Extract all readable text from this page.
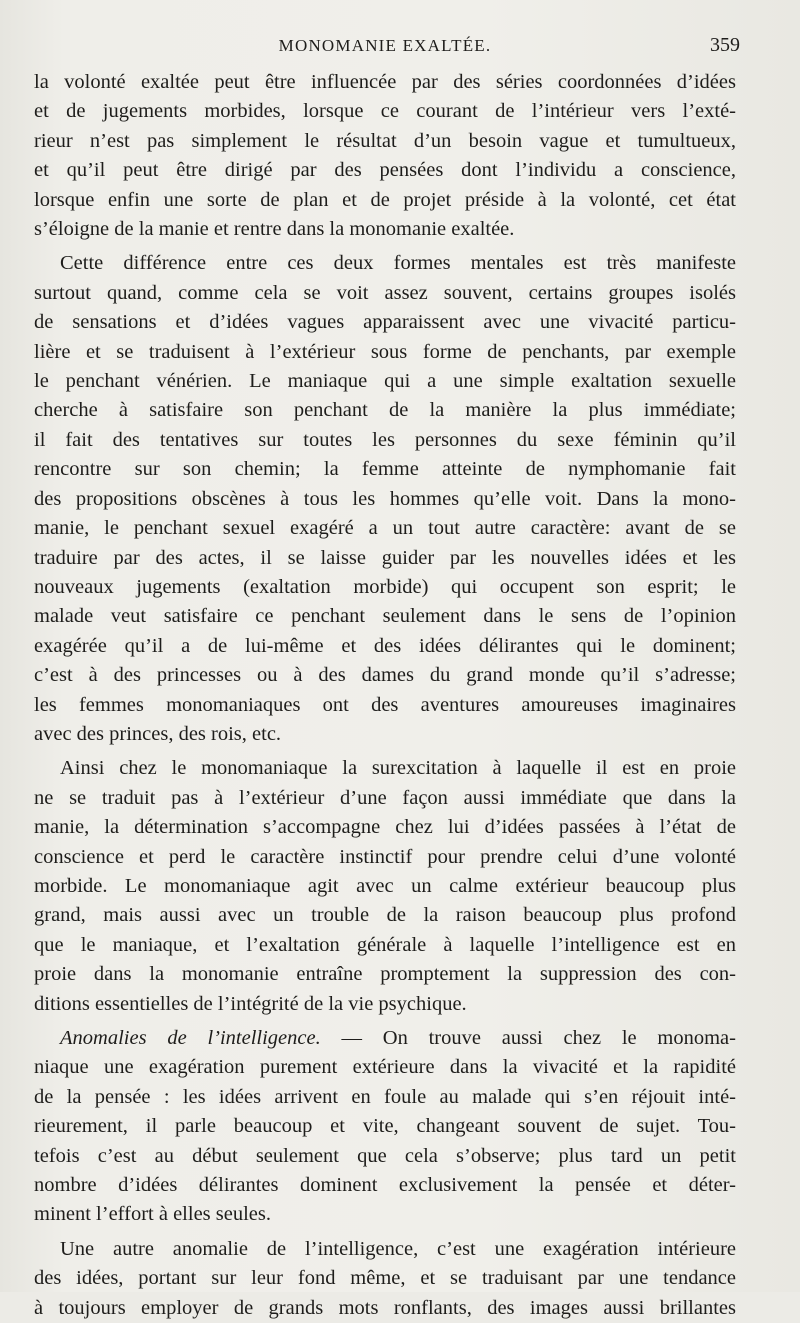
MONOMANIE EXALTÉE.	359
la volonté exaltée peut être influencée par des séries coordonnées d’idées
et de jugements morbides, lorsque ce courant de l’intérieur vers l’exté-
rieur n’est pas simplement le résultat d’un besoin vague et tumultueux,
et qu’il peut être dirigé par des pensées dont l’individu a conscience,
lorsque enfin une sorte de plan et de projet préside à la volonté, cet état
s’éloigne de la manie et rentre dans la monomanie exaltée.
Cette différence entre ces deux formes mentales est très manifeste
surtout quand, comme cela se voit assez souvent, certains groupes isolés
de sensations et d’idées vagues apparaissent avec une vivacité particu-
lière et se traduisent à l’extérieur sous forme de penchants, par exemple
le penchant vénérien. Le maniaque qui a une simple exaltation sexuelle
cherche à satisfaire son penchant de la manière la plus immédiate;
il fait des tentatives sur toutes les personnes du sexe féminin qu’il
rencontre sur son chemin; la femme atteinte de nymphomanie fait
des propositions obscènes à tous les hommes qu’elle voit. Dans la mono-
manie, le penchant sexuel exagéré a un tout autre caractère: avant de se
traduire par des actes, il se laisse guider par les nouvelles idées et les
nouveaux jugements (exaltation morbide) qui occupent son esprit; le
malade veut satisfaire ce penchant seulement dans le sens de l’opinion
exagérée qu’il a de lui-même et des idées délirantes qui le dominent;
c’est à des princesses ou à des dames du grand monde qu’il s’adresse;
les femmes monomaniaques ont des aventures amoureuses imaginaires
avec des princes, des rois, etc.
Ainsi chez le monomaniaque la surexcitation à laquelle il est en proie
ne se traduit pas à l’extérieur d’une façon aussi immédiate que dans la
manie, la détermination s’accompagne chez lui d’idées passées à l’état de
conscience et perd le caractère instinctif pour prendre celui d’une volonté
morbide. Le monomaniaque agit avec un calme extérieur beaucoup plus
grand, mais aussi avec un trouble de la raison beaucoup plus profond
que le maniaque, et l’exaltation générale à laquelle l’intelligence est en
proie dans la monomanie entraîne promptement la suppression des con-
ditions essentielles de l’intégrité de la vie psychique.
Anomalies de l’intelligence. — On trouve aussi chez le monoma-
niaque une exagération purement extérieure dans la vivacité et la rapidité
de la pensée : les idées arrivent en foule au malade qui s’en réjouit inté-
rieurement, il parle beaucoup et vite, changeant souvent de sujet. Tou-
tefois c’est au début seulement que cela s’observe; plus tard un petit
nombre d’idées délirantes dominent exclusivement la pensée et déter-
minent l’effort à elles seules.
Une autre anomalie de l’intelligence, c’est une exagération intérieure
des idées, portant sur leur fond même, et se traduisant par une tendance
à toujours employer de grands mots ronflants, des images aussi brillantes
